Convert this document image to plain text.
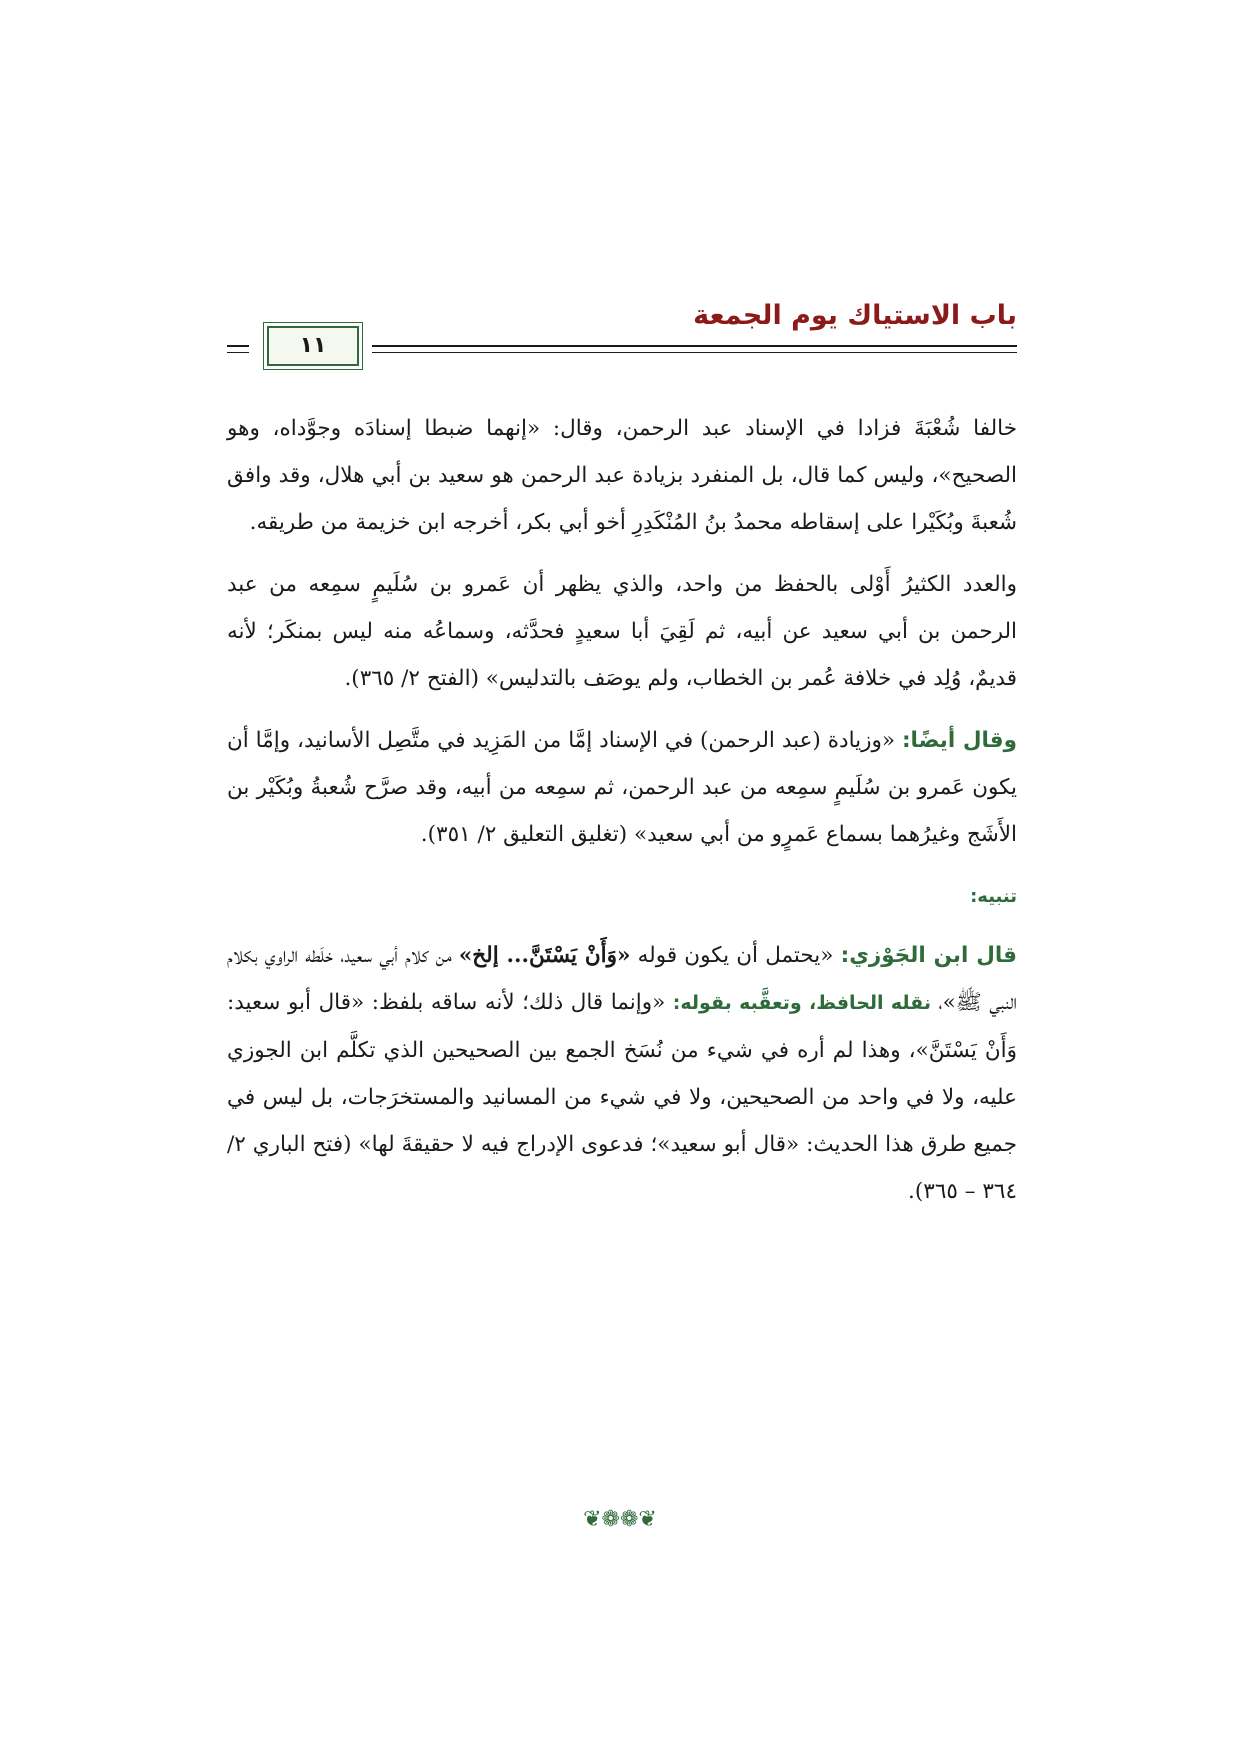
باب الاستياك يوم الجمعة
١١

خالفا شُعْبَةَ فزادا في الإسناد عبد الرحمن، وقال: «إنهما ضبطا إسنادَه وجوَّداه، وهو الصحيح»، وليس كما قال، بل المنفرد بزيادة عبد الرحمن هو سعيد بن أبي هلال، وقد وافق شُعبةَ وبُكَيْرا على إسقاطه محمدُ بنُ المُنْكَدِرِ أخو أبي بكر، أخرجه ابن خزيمة من طريقه.

والعدد الكثيرُ أَوْلى بالحفظ من واحد، والذي يظهر أن عَمرو بن سُلَيمٍ سمِعه من عبد الرحمن بن أبي سعيد عن أبيه، ثم لَقِيَ أبا سعيدٍ فحدَّثه، وسماعُه منه ليس بمنكَر؛ لأنه قديمٌ، وُلِد في خلافة عُمر بن الخطاب، ولم يوصَف بالتدليس» (الفتح ٢/ ٣٦٥).

وقال أيضًا: «وزيادة (عبد الرحمن) في الإسناد إمَّا من المَزِيد في متَّصِل الأسانيد، وإمَّا أن يكون عَمرو بن سُلَيمٍ سمِعه من عبد الرحمن، ثم سمِعه من أبيه، وقد صرَّح شُعبةُ وبُكَيْر بن الأَشَج وغيرُهما بسماع عَمرٍو من أبي سعيد» (تغليق التعليق ٢/ ٣٥١).

تنبيه:

قال ابن الجَوْزي: «يحتمل أن يكون قوله «وَأَنْ يَسْتَنَّ... إلخ» من كلام أبي سعيد، خلَطه الراوي بكلام النبي ﷺ»، نقله الحافظ، وتعقَّبه بقوله: «وإنما قال ذلك؛ لأنه ساقه بلفظ: «قال أبو سعيد: وَأَنْ يَسْتَنَّ»، وهذا لم أره في شيء من نُسَخ الجمع بين الصحيحين الذي تكلَّم ابن الجوزي عليه، ولا في واحد من الصحيحين، ولا في شيء من المسانيد والمستخرَجات، بل ليس في جميع طرق هذا الحديث: «قال أبو سعيد»؛ فدعوى الإدراج فيه لا حقيقةَ لها» (فتح الباري ٢/ ٣٦٤ – ٣٦٥).

❦❁❁❦
